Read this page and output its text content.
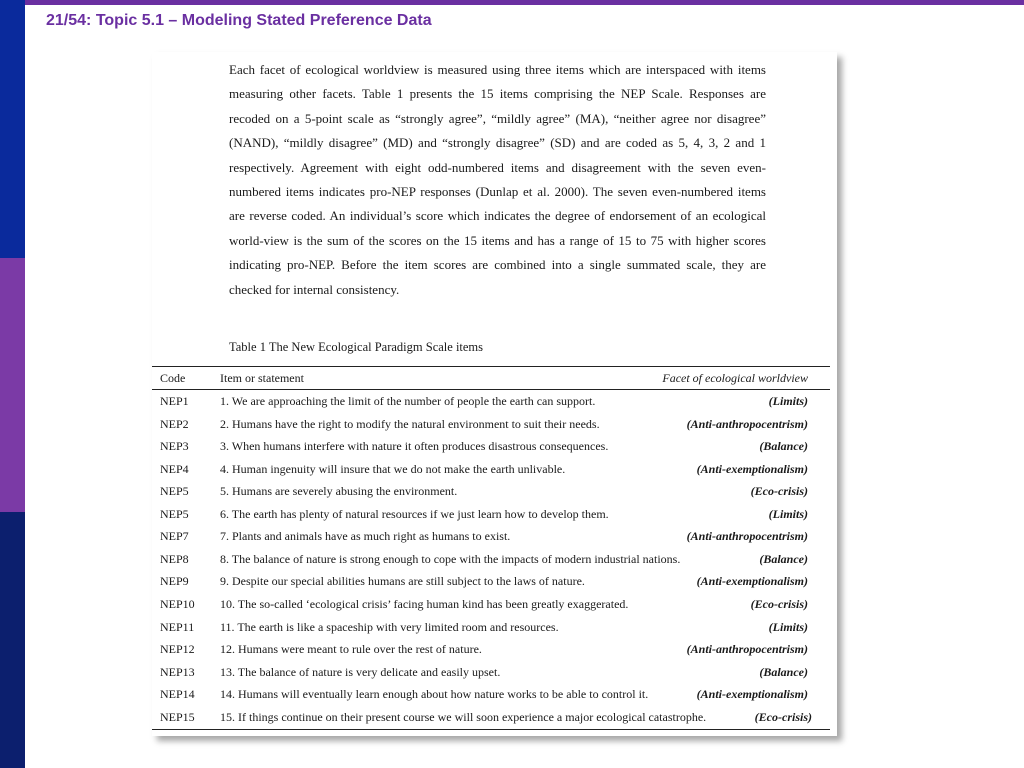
21/54: Topic 5.1 – Modeling Stated Preference Data
Each facet of ecological worldview is measured using three items which are interspaced with items measuring other facets. Table 1 presents the 15 items comprising the NEP Scale. Responses are recoded on a 5-point scale as “strongly agree”, “mildly agree” (MA), “neither agree nor disagree” (NAND), “mildly disagree” (MD) and “strongly disagree” (SD) and are coded as 5, 4, 3, 2 and 1 respectively. Agreement with eight odd-numbered items and disagreement with the seven even-numbered items indicates pro-NEP responses (Dunlap et al. 2000). The seven even-numbered items are reverse coded. An individual’s score which indicates the degree of endorsement of an ecological world-view is the sum of the scores on the 15 items and has a range of 15 to 75 with higher scores indicating pro-NEP. Before the item scores are combined into a single summated scale, they are checked for internal consistency.
Table 1 The New Ecological Paradigm Scale items
Code	Item or statement	Facet of ecological worldview
NEP1	1. We are approaching the limit of the number of people the earth can support.	(Limits)
NEP2	2. Humans have the right to modify the natural environment to suit their needs.	(Anti-anthropocentrism)
NEP3	3. When humans interfere with nature it often produces disastrous consequences.	(Balance)
NEP4	4. Human ingenuity will insure that we do not make the earth unlivable.	(Anti-exemptionalism)
NEP5	5. Humans are severely abusing the environment.	(Eco-crisis)
NEP5	6. The earth has plenty of natural resources if we just learn how to develop them.	(Limits)
NEP7	7. Plants and animals have as much right as humans to exist.	(Anti-anthropocentrism)
NEP8	8. The balance of nature is strong enough to cope with the impacts of modern industrial nations.	(Balance)
NEP9	9. Despite our special abilities humans are still subject to the laws of nature.	(Anti-exemptionalism)
NEP10 10. The so-called ‘ecological crisis’ facing human kind has been greatly exaggerated.	(Eco-crisis)
NEP11 11. The earth is like a spaceship with very limited room and resources.	(Limits)
NEP12 12. Humans were meant to rule over the rest of nature.	(Anti-anthropocentrism)
NEP13 13. The balance of nature is very delicate and easily upset.	(Balance)
NEP14 14. Humans will eventually learn enough about how nature works to be able to control it.	(Anti-exemptionalism)
NEP15 15. If things continue on their present course we will soon experience a major ecological catastrophe.	(Eco-crisis)
